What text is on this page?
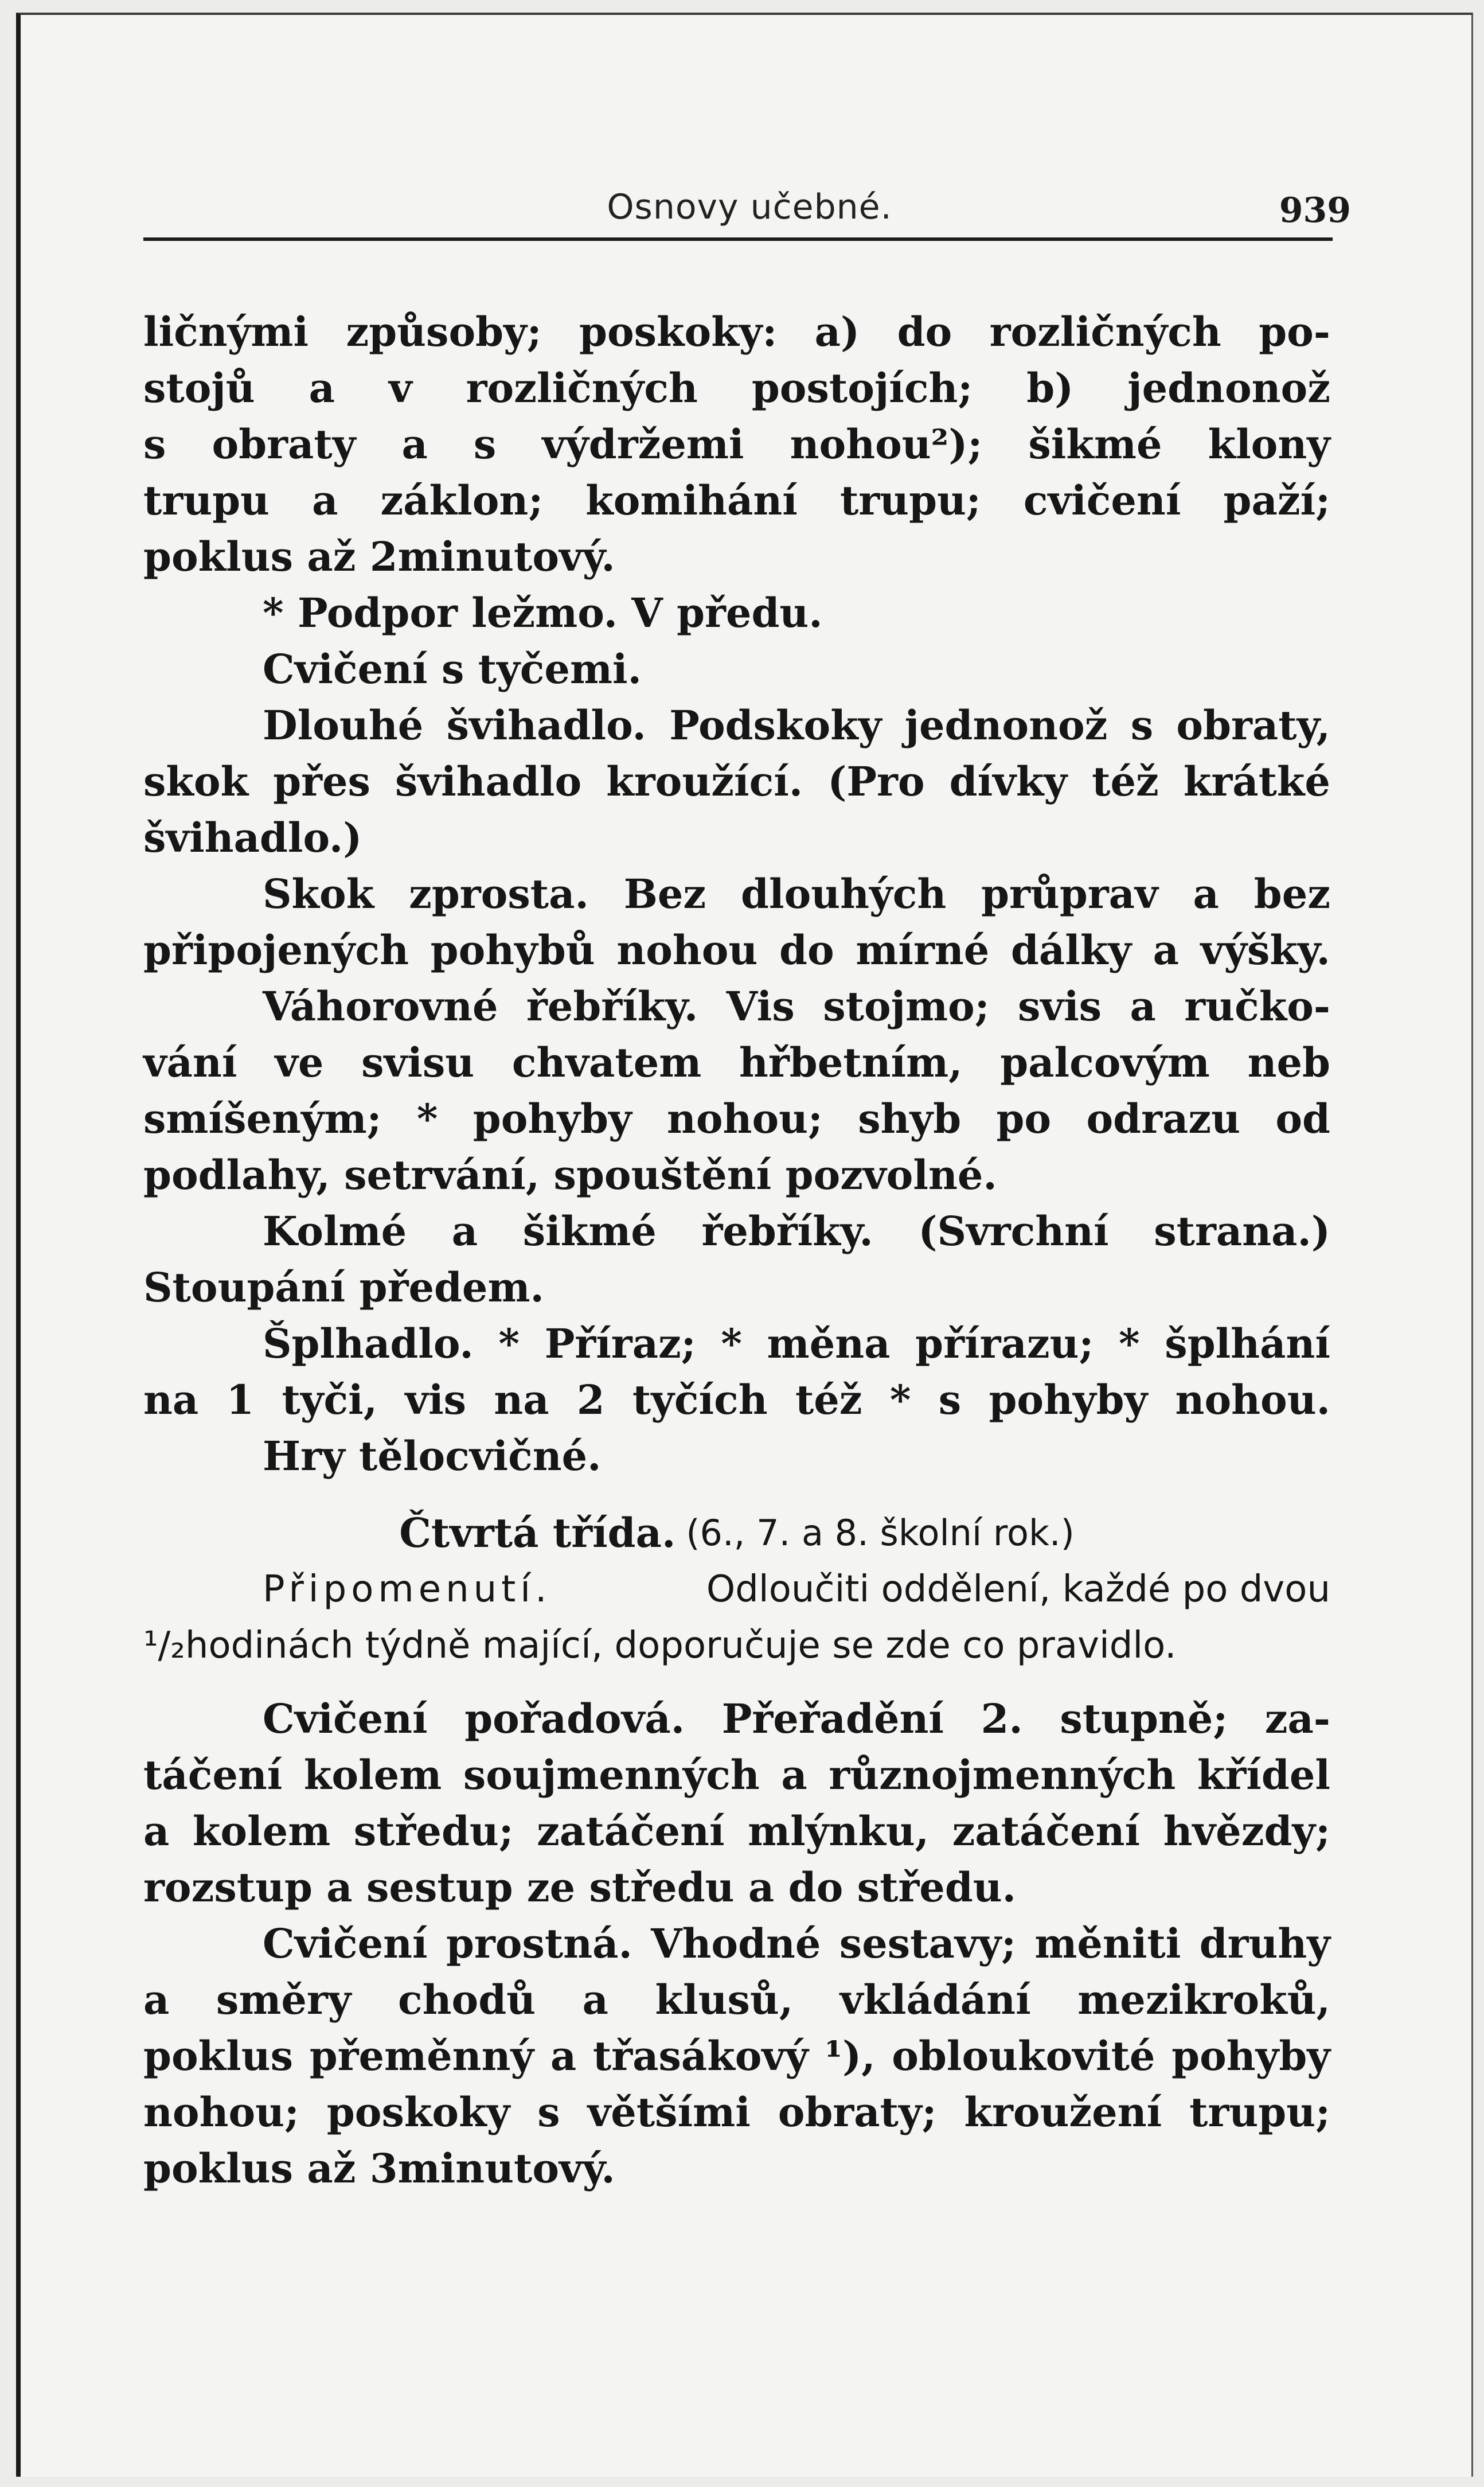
Osnovy učebné.	939
ličnými způsoby; poskoky: a) do rozličných po-
stojů a v rozličných postojích; b) jednonož
s obraty a s výdržemi nohou²); šikmé klony
trupu a záklon; komihání trupu; cvičení paží;
poklus až 2minutový.
* Podpor ležmo. V předu.
Cvičení s tyčemi.
Dlouhé švihadlo. Podskoky jednonož s obraty,
skok přes švihadlo kroužící. (Pro dívky též krátké
švihadlo.)
Skok zprosta. Bez dlouhých průprav a bez
připojených pohybů nohou do mírné dálky a výšky.
Váhorovné řebříky. Vis stojmo; svis a ručko-
vání ve svisu chvatem hřbetním, palcovým neb
smíšeným; * pohyby nohou; shyb po odrazu od
podlahy, setrvání, spouštění pozvolné.
Kolmé a šikmé řebříky. (Svrchní strana.)
Stoupání předem.
Šplhadlo. * Příraz; * měna přírazu; * šplhání
na 1 tyči, vis na 2 tyčích též * s pohyby nohou.
Hry tělocvičné.
Čtvrtá třída. (6., 7. a 8. školní rok.)
Připomenutí.	Odloučiti oddělení, každé po dvou
¹/₂hodinách týdně mající, doporučuje se zde co pravidlo.
Cvičení pořadová. Přeřadění 2. stupně; za-
táčení kolem soujmenných a různojmenných křídel
a kolem středu; zatáčení mlýnku, zatáčení hvězdy;
rozstup a sestup ze středu a do středu.
Cvičení prostná. Vhodné sestavy; měniti druhy
a směry chodů a klusů, vkládání mezikroků,
poklus přeměnný a třasákový ¹), obloukovité pohyby
nohou; poskoky s většími obraty; kroužení trupu;
poklus až 3minutový.
